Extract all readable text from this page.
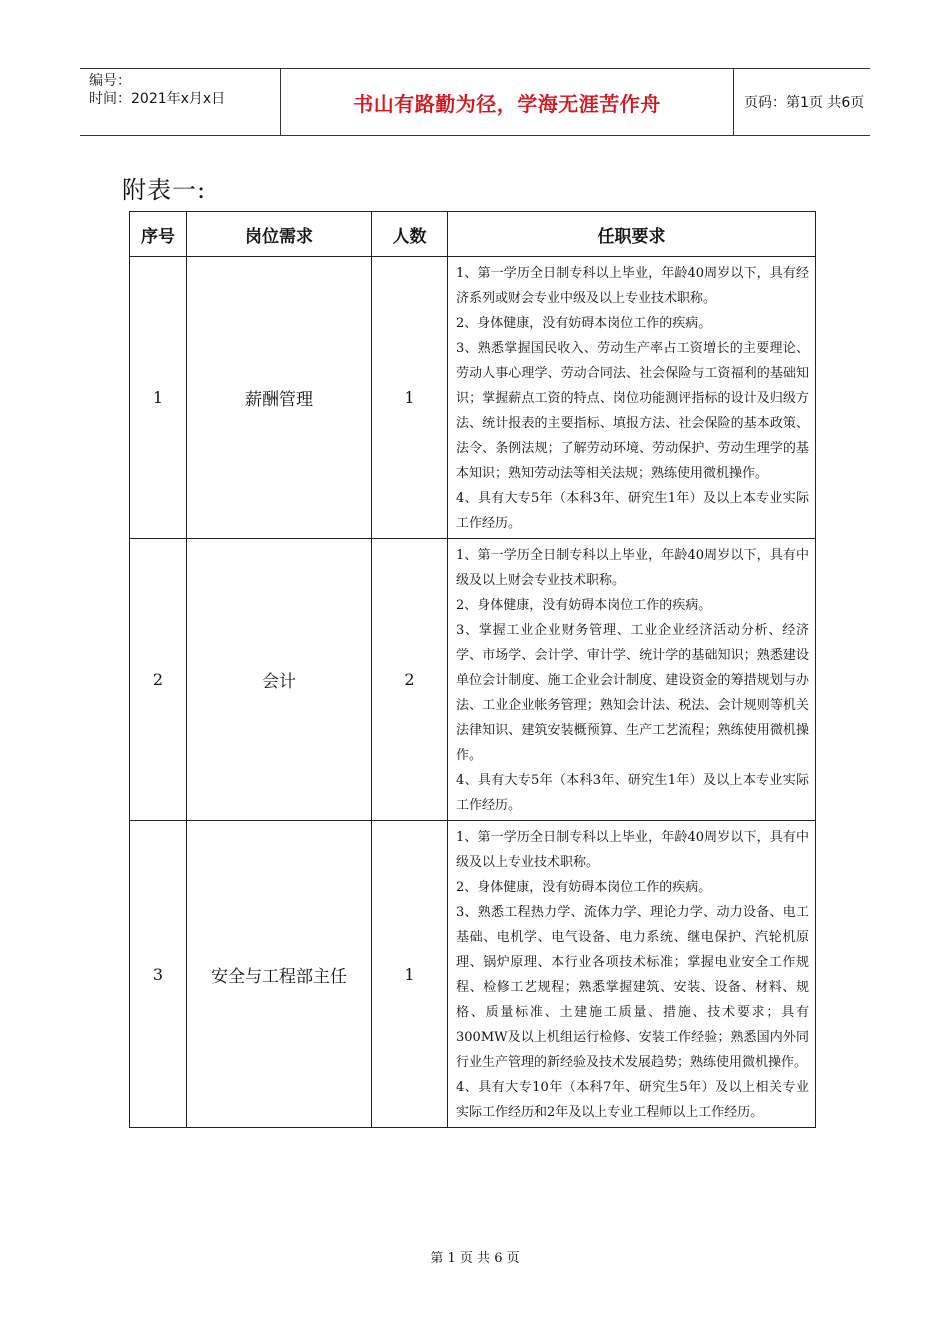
编号：
时间：2021年x月x日	书山有路勤为径，学海无涯苦作舟	页码：第1页 共6页
附表一:
序号	岗位需求	人数	任职要求
1	薪酬管理	1	1、第一学历全日制专科以上毕业，年龄40周岁以下，具有经济系列或财会专业中级及以上专业技术职称。

2、身体健康，没有妨碍本岗位工作的疾病。

3、熟悉掌握国民收入、劳动生产率占工资增长的主要理论、劳动人事心理学、劳动合同法、社会保险与工资福利的基础知识；掌握薪点工资的特点、岗位功能测评指标的设计及归级方法、统计报表的主要指标、填报方法、社会保险的基本政策、法令、条例法规；了解劳动环境、劳动保护、劳动生理学的基本知识；熟知劳动法等相关法规；熟练使用微机操作。

4、具有大专5年（本科3年、研究生1年）及以上本专业实际工作经历。

2	会计	2	1、第一学历全日制专科以上毕业，年龄40周岁以下，具有中级及以上财会专业技术职称。

2、身体健康，没有妨碍本岗位工作的疾病。

3、掌握工业企业财务管理、工业企业经济活动分析、经济学、市场学、会计学、审计学、统计学的基础知识；熟悉建设单位会计制度、施工企业会计制度、建设资金的筹措规划与办法、工业企业帐务管理；熟知会计法、税法、会计规则等机关法律知识、建筑安装概预算、生产工艺流程；熟练使用微机操作。

4、具有大专5年（本科3年、研究生1年）及以上本专业实际工作经历。

3	安全与工程部主任	1	1、第一学历全日制专科以上毕业，年龄40周岁以下，具有中级及以上专业技术职称。

2、身体健康，没有妨碍本岗位工作的疾病。

3、熟悉工程热力学、流体力学、理论力学、动力设备、电工基础、电机学、电气设备、电力系统、继电保护、汽轮机原理、锅炉原理、本行业各项技术标准；掌握电业安全工作规程、检修工艺规程；熟悉掌握建筑、安装、设备、材料、规格、质量标准、土建施工质量、措施、技术要求；具有300MW及以上机组运行检修、安装工作经验；熟悉国内外同行业生产管理的新经验及技术发展趋势；熟练使用微机操作。

4、具有大专10年（本科7年、研究生5年）及以上相关专业实际工作经历和2年及以上专业工程师以上工作经历。

第 1 页 共 6 页
